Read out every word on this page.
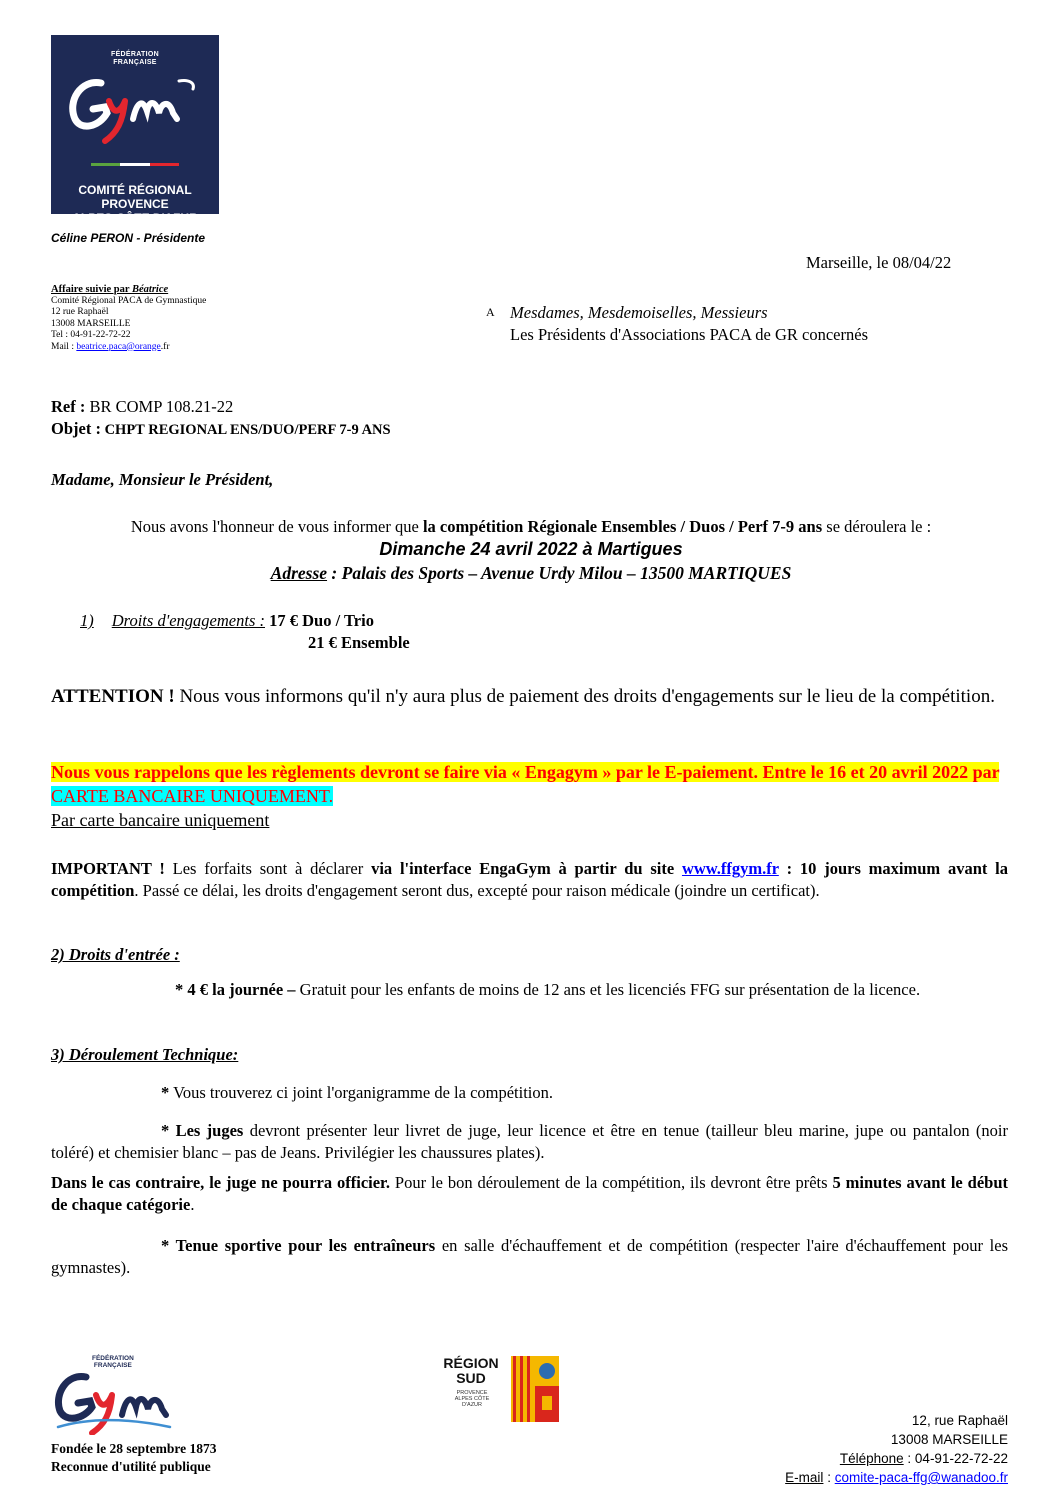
FÉDÉRATION
FRANÇAISE
COMITÉ RÉGIONAL
PROVENCE
ALPES-CÔTE D'AZUR
Céline PERON - Présidente
Marseille, le 08/04/22
Affaire suivie par Béatrice
Comité Régional PACA de Gymnastique
12 rue Raphaël
13008 MARSEILLE
Tel : 04-91-22-72-22
Mail : beatrice.paca@orange.fr
A Mesdames, Mesdemoiselles, Messieurs
Les Présidents d'Associations PACA de GR concernés
Ref : BR COMP 108.21-22
Objet : CHPT REGIONAL ENS/DUO/PERF 7-9 ANS
Madame, Monsieur le Président,
Nous avons l'honneur de vous informer que la compétition Régionale Ensembles / Duos / Perf 7-9 ans se déroulera le :
Dimanche 24 avril 2022 à Martigues
Adresse : Palais des Sports – Avenue Urdy Milou – 13500 MARTIQUES
1) Droits d'engagements : 17 € Duo / Trio
21 € Ensemble
ATTENTION ! Nous vous informons qu'il n'y aura plus de paiement des droits d'engagements sur le lieu de la compétition.
Nous vous rappelons que les règlements devront se faire via « Engagym » par le E-paiement. Entre le 16 et 20 avril 2022 par CARTE BANCAIRE UNIQUEMENT.
Par carte bancaire uniquement
IMPORTANT ! Les forfaits sont à déclarer via l'interface EngaGym à partir du site www.ffgym.fr : 10 jours maximum avant la compétition. Passé ce délai, les droits d'engagement seront dus, excepté pour raison médicale (joindre un certificat).
2) Droits d'entrée :
* 4 € la journée – Gratuit pour les enfants de moins de 12 ans et les licenciés FFG sur présentation de la licence.
3) Déroulement Technique:
* Vous trouverez ci joint l'organigramme de la compétition.
* Les juges devront présenter leur livret de juge, leur licence et être en tenue (tailleur bleu marine, jupe ou pantalon (noir toléré) et chemisier blanc – pas de Jeans. Privilégier les chaussures plates).
Dans le cas contraire, le juge ne pourra officier. Pour le bon déroulement de la compétition, ils devront être prêts 5 minutes avant le début de chaque catégorie.
* Tenue sportive pour les entraîneurs en salle d'échauffement et de compétition (respecter l'aire d'échauffement pour les gymnastes).
FÉDÉRATION
FRANÇAISE
Fondée le 28 septembre 1873
Reconnue d'utilité publique
RÉGION
SUD
PROVENCE ALPES CÔTE D'AZUR
12, rue Raphaël
13008 MARSEILLE
Téléphone : 04-91-22-72-22
E-mail : comite-paca-ffg@wanadoo.fr
